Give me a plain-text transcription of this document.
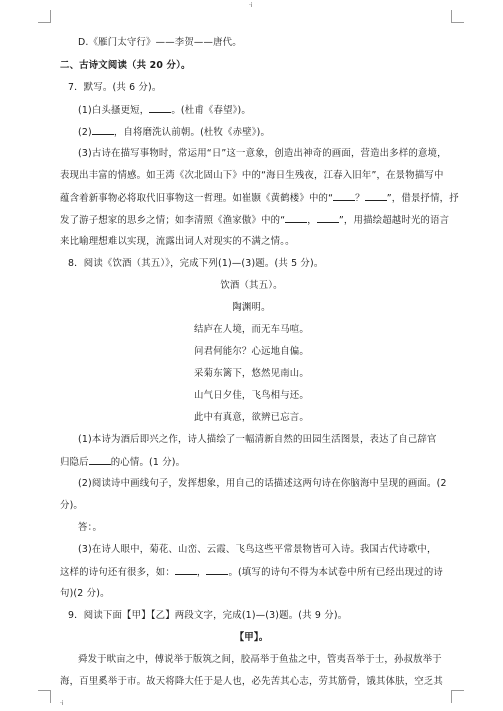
·i
·i
D.《雁门太守行》——李贺——唐代。
二、古诗文阅读（共 20 分）。
7．默写。(共 6 分)。
(1)白头搔更短， 。(杜甫《春望》)。
(2) ，自将磨洗认前朝。(杜牧《赤壁》)。
(3)古诗在描写事物时，常运用“日”这一意象，创造出神奇的画面，营造出多样的意境，
表现出丰富的情感。如王湾《次北固山下》中的“海日生残夜，江春入旧年”，在景物描写中
蕴含着新事物必将取代旧事物这一哲理。如崔颢《黄鹤楼》中的“ ？ ”，借景抒情，抒
发了游子想家的思乡之情；如李清照《渔家傲》中的“ ， ”，用描绘超越时光的语言
来比喻理想难以实现，流露出词人对现实的不满之情。。
8．阅读《饮酒（其五）》，完成下列(1)—(3)题。(共 5 分)。
饮酒（其五）。
陶渊明。
结庐在人境，而无车马喧。
问君何能尔？心远地自偏。
采菊东篱下，悠然见南山。
山气日夕佳，飞鸟相与还。
此中有真意，欲辨已忘言。
(1)本诗为酒后即兴之作，诗人描绘了一幅清新自然的田园生活图景，表达了自己辞官
归隐后 的心情。(1 分)。
(2)阅读诗中画线句子，发挥想象，用自己的话描述这两句诗在你脑海中呈现的画面。(2
分)。
答：。
(3)在诗人眼中，菊花、山峦、云霞、飞鸟这些平常景物皆可入诗。我国古代诗歌中，
这样的诗句还有很多，如： ， 。(填写的诗句不得为本试卷中所有已经出现过的诗
句)(2 分)。
9．阅读下面【甲】【乙】两段文字，完成(1)—(3)题。(共 9 分)。
【甲】。
舜发于畎亩之中，傅说举于版筑之间，胶鬲举于鱼盐之中，管夷吾举于士，孙叔敖举于
海，百里奚举于市。故天将降大任于是人也，必先苦其心志，劳其筋骨，饿其体肤，空乏其
